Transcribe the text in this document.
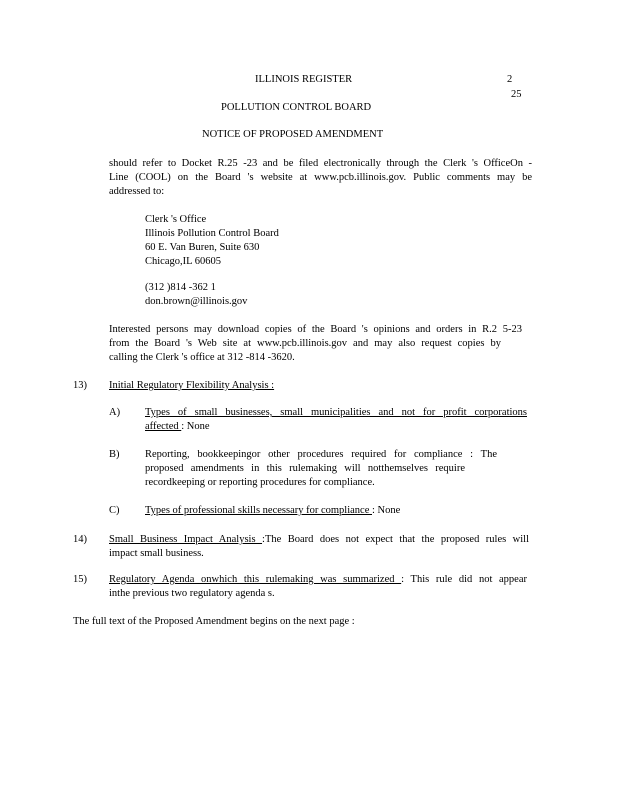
ILLINOIS REGISTER	2
25
POLLUTION CONTROL BOARD
NOTICE OF PROPOSED AMENDMENT
should refer to Docket R.25 -23 and be filed electronically through the Clerk 's OfficeOn -
Line (COOL) on the Board 's website at www.pcb.illinois.gov. Public comments may be
addressed to:
Clerk 's Office
Illinois Pollution Control Board
60 E. Van Buren, Suite 630
Chicago,IL 60605
(312 )814 -362 1
don.brown@illinois.gov
Interested persons may download copies of the Board 's opinions and orders in R.2 5-23
from the Board 's Web site at www.pcb.illinois.gov and may also request copies by
calling the Clerk 's office at 312 -814 -3620.
13) Initial Regulatory Flexibility Analysis :
A) Types of small businesses, small municipalities and not for profit corporations
affected : None
B) Reporting, bookkeepingor other procedures required for compliance : The
proposed amendments in this rulemaking will notthemselves require
recordkeeping or reporting procedures for compliance.
C) Types of professional skills necessary for compliance : None
14) Small Business Impact Analysis :The Board does not expect that the proposed rules will
impact small business.
15) Regulatory Agenda onwhich this rulemaking was summarized : This rule did not appear
inthe previous two regulatory agenda s.
The full text of the Proposed Amendment begins on the next page :
